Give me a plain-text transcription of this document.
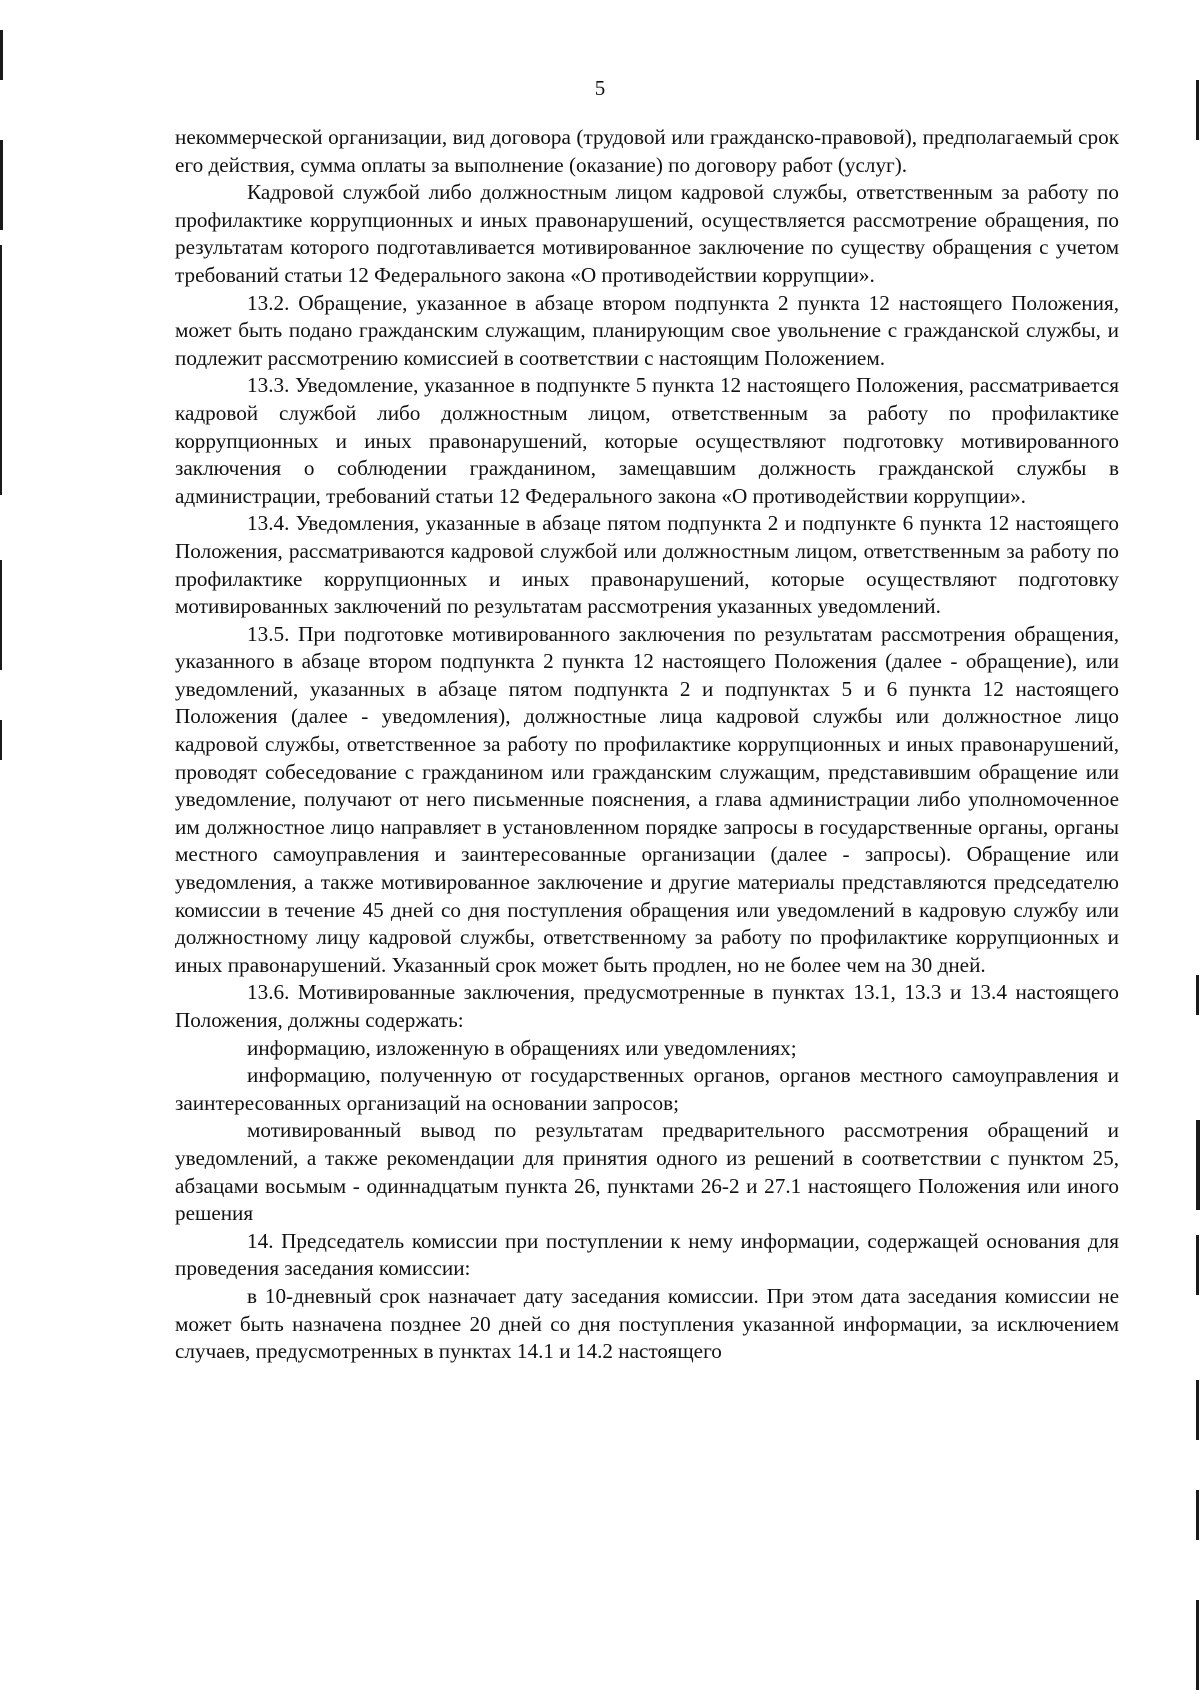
5

некоммерческой организации, вид договора (трудовой или гражданско-правовой), предполагаемый срок его действия, сумма оплаты за выполнение (оказание) по договору работ (услуг).

Кадровой службой либо должностным лицом кадровой службы, ответственным за работу по профилактике коррупционных и иных правонарушений, осуществляется рассмотрение обращения, по результатам которого подготавливается мотивированное заключение по существу обращения с учетом требований статьи 12 Федерального закона «О противодействии коррупции».

13.2. Обращение, указанное в абзаце втором подпункта 2 пункта 12 настоящего Положения, может быть подано гражданским служащим, планирующим свое увольнение с гражданской службы, и подлежит рассмотрению комиссией в соответствии с настоящим Положением.

13.3. Уведомление, указанное в подпункте 5 пункта 12 настоящего Положения, рассматривается кадровой службой либо должностным лицом, ответственным за работу по профилактике коррупционных и иных правонарушений, которые осуществляют подготовку мотивированного заключения о соблюдении гражданином, замещавшим должность гражданской службы в администрации, требований статьи 12 Федерального закона «О противодействии коррупции».

13.4. Уведомления, указанные в абзаце пятом подпункта 2 и подпункте 6 пункта 12 настоящего Положения, рассматриваются кадровой службой или должностным лицом, ответственным за работу по профилактике коррупционных и иных правонарушений, которые осуществляют подготовку мотивированных заключений по результатам рассмотрения указанных уведомлений.

13.5. При подготовке мотивированного заключения по результатам рассмотрения обращения, указанного в абзаце втором подпункта 2 пункта 12 настоящего Положения (далее - обращение), или уведомлений, указанных в абзаце пятом подпункта 2 и подпунктах 5 и 6 пункта 12 настоящего Положения (далее - уведомления), должностные лица кадровой службы или должностное лицо кадровой службы, ответственное за работу по профилактике коррупционных и иных правонарушений, проводят собеседование с гражданином или гражданским служащим, представившим обращение или уведомление, получают от него письменные пояснения, а глава администрации либо уполномоченное им должностное лицо направляет в установленном порядке запросы в государственные органы, органы местного самоуправления и заинтересованные организации (далее - запросы). Обращение или уведомления, а также мотивированное заключение и другие материалы представляются председателю комиссии в течение 45 дней со дня поступления обращения или уведомлений в кадровую службу или должностному лицу кадровой службы, ответственному за работу по профилактике коррупционных и иных правонарушений. Указанный срок может быть продлен, но не более чем на 30 дней.

13.6. Мотивированные заключения, предусмотренные в пунктах 13.1, 13.3 и 13.4 настоящего Положения, должны содержать:

информацию, изложенную в обращениях или уведомлениях;

информацию, полученную от государственных органов, органов местного самоуправления и заинтересованных организаций на основании запросов;

мотивированный вывод по результатам предварительного рассмотрения обращений и уведомлений, а также рекомендации для принятия одного из решений в соответствии с пунктом 25, абзацами восьмым - одиннадцатым пункта 26, пунктами 26-2 и 27.1 настоящего Положения или иного решения

14. Председатель комиссии при поступлении к нему информации, содержащей основания для проведения заседания комиссии:

в 10-дневный срок назначает дату заседания комиссии. При этом дата заседания комиссии не может быть назначена позднее 20 дней со дня поступления указанной информации, за исключением случаев, предусмотренных в пунктах 14.1 и 14.2 настоящего
